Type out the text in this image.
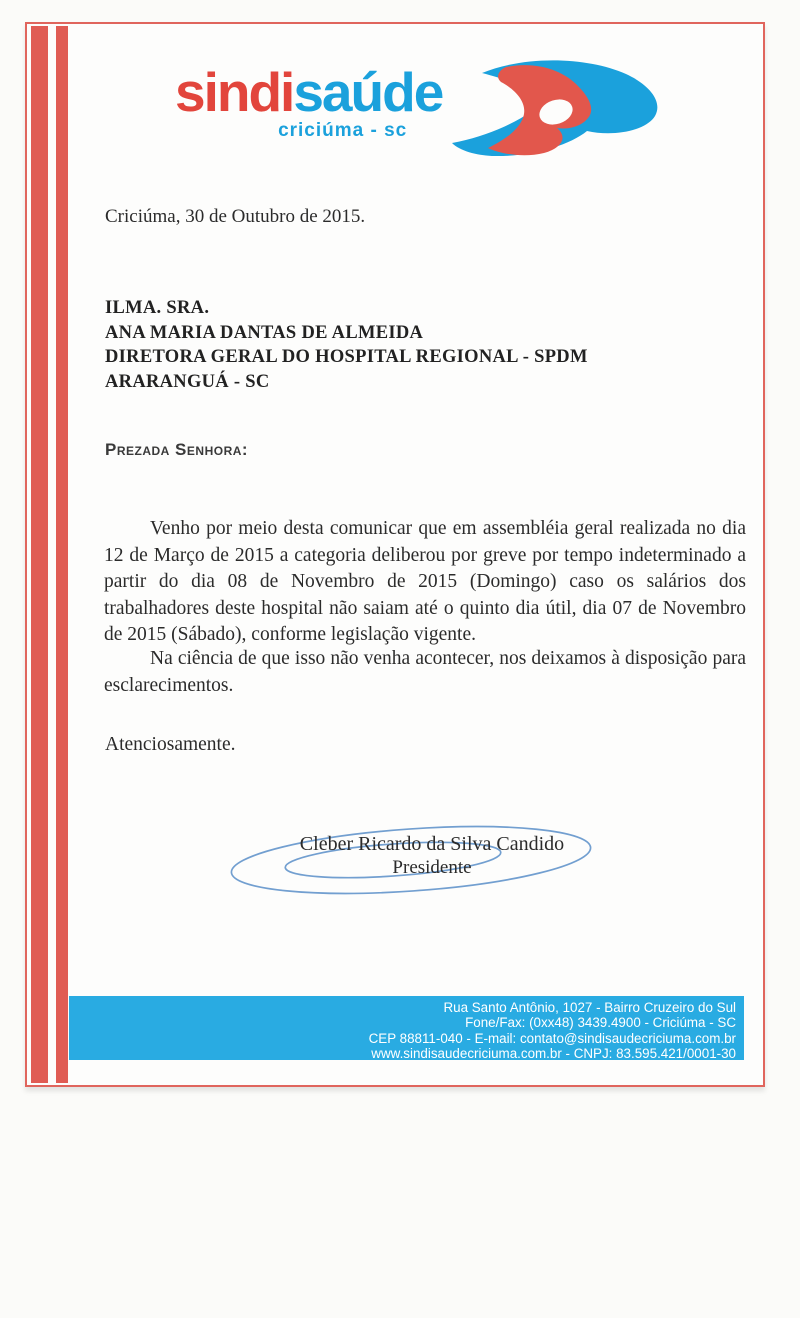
sindisaúde
criciúma - sc
Criciúma, 30 de Outubro de 2015.
ILMA. SRA.
ANA MARIA DANTAS DE ALMEIDA
DIRETORA GERAL DO HOSPITAL REGIONAL - SPDM
ARARANGUÁ - SC
Prezada Senhora:
Venho por meio desta comunicar que em assembléia geral realizada no dia 12 de Março de 2015 a categoria deliberou por greve por tempo indeterminado a partir do dia 08 de Novembro de 2015 (Domingo) caso os salários dos trabalhadores deste hospital não saiam até o quinto dia útil, dia 07 de Novembro de 2015 (Sábado), conforme legislação vigente.
Na ciência de que isso não venha acontecer, nos deixamos à disposição para esclarecimentos.
Atenciosamente.
Cleber Ricardo da Silva Candido
Presidente
Rua Santo Antônio, 1027 - Bairro Cruzeiro do Sul
Fone/Fax: (0xx48) 3439.4900 - Criciúma - SC
CEP 88811-040 - E-mail: contato@sindisaudecriciuma.com.br
www.sindisaudecriciuma.com.br - CNPJ: 83.595.421/0001-30
